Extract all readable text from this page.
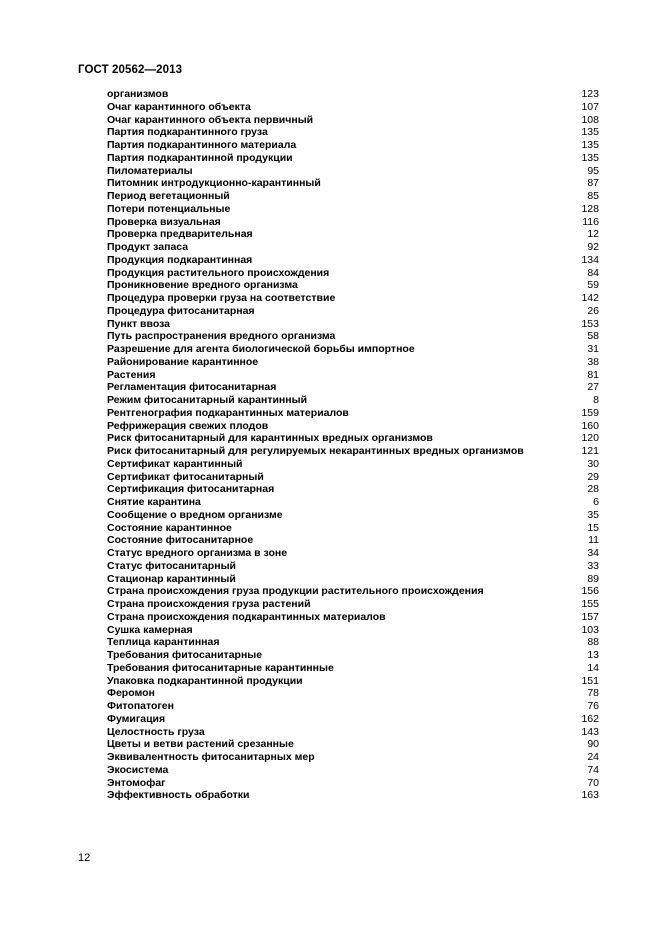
ГОСТ 20562—2013
организмов	123
Очаг карантинного объекта	107
Очаг карантинного объекта первичный	108
Партия подкарантинного груза	135
Партия подкарантинного материала	135
Партия подкарантинной продукции	135
Пиломатериалы	95
Питомник интродукционно-карантинный	87
Период вегетационный	85
Потери потенциальные	128
Проверка визуальная	116
Проверка предварительная	12
Продукт запаса	92
Продукция подкарантинная	134
Продукция растительного происхождения	84
Проникновение вредного организма	59
Процедура проверки груза на соответствие	142
Процедура фитосанитарная	26
Пункт ввоза	153
Путь распространения вредного организма	58
Разрешение для агента биологической борьбы импортное	31
Районирование карантинное	38
Растения	81
Регламентация фитосанитарная	27
Режим фитосанитарный карантинный	8
Рентгенография подкарантинных материалов	159
Рефрижерация свежих плодов	160
Риск фитосанитарный для карантинных вредных организмов	120
Риск фитосанитарный для регулируемых некарантинных вредных организмов	121
Сертификат карантинный	30
Сертификат фитосанитарный	29
Сертификация фитосанитарная	28
Снятие карантина	6
Сообщение о вредном организме	35
Состояние карантинное	15
Состояние фитосанитарное	11
Статус вредного организма в зоне	34
Статус фитосанитарный	33
Стационар карантинный	89
Страна происхождения груза продукции растительного происхождения	156
Страна происхождения груза растений	155
Страна происхождения подкарантинных материалов	157
Сушка камерная	103
Теплица карантинная	88
Требования фитосанитарные	13
Требования фитосанитарные карантинные	14
Упаковка подкарантинной продукции	151
Феромон	78
Фитопатоген	76
Фумигация	162
Целостность груза	143
Цветы и ветви растений срезанные	90
Эквивалентность фитосанитарных мер	24
Экосистема	74
Энтомофаг	70
Эффективность обработки	163
12
